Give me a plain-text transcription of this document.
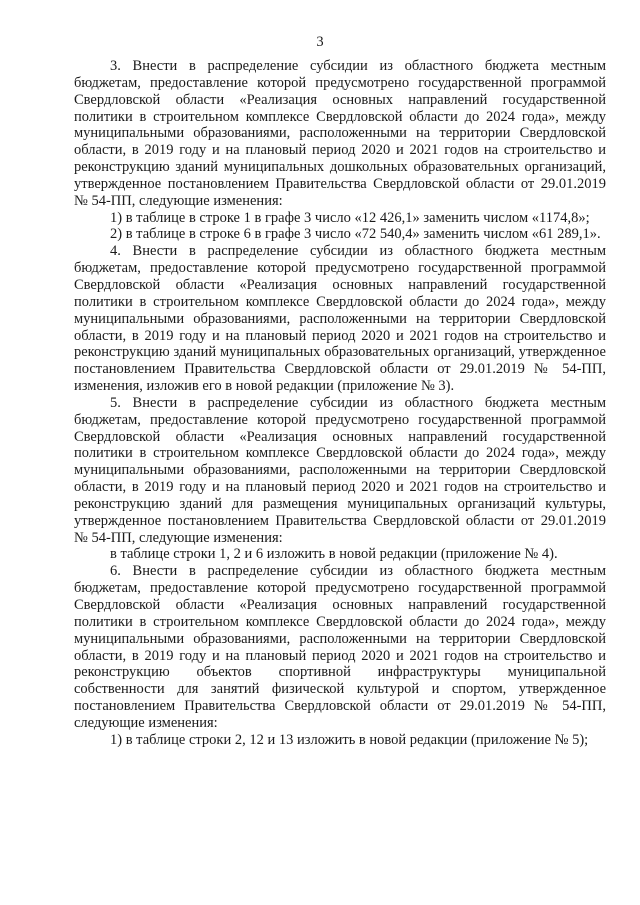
3

3. Внести в распределение субсидии из областного бюджета местным бюджетам, предоставление которой предусмотрено государственной программой Свердловской области «Реализация основных направлений государственной политики в строительном комплексе Свердловской области до 2024 года», между муниципальными образованиями, расположенными на территории Свердловской области, в 2019 году и на плановый период 2020 и 2021 годов на строительство и реконструкцию зданий муниципальных дошкольных образовательных организаций, утвержденное постановлением Правительства Свердловской области от 29.01.2019 № 54-ПП, следующие изменения:

1) в таблице в строке 1 в графе 3 число «12 426,1» заменить числом «1174,8»;

2) в таблице в строке 6 в графе 3 число «72 540,4» заменить числом «61 289,1».

4. Внести в распределение субсидии из областного бюджета местным бюджетам, предоставление которой предусмотрено государственной программой Свердловской области «Реализация основных направлений государственной политики в строительном комплексе Свердловской области до 2024 года», между муниципальными образованиями, расположенными на территории Свердловской области, в 2019 году и на плановый период 2020 и 2021 годов на строительство и реконструкцию зданий муниципальных образовательных организаций, утвержденное постановлением Правительства Свердловской области от 29.01.2019 № 54-ПП, изменения, изложив его в новой редакции (приложение № 3).

5. Внести в распределение субсидии из областного бюджета местным бюджетам, предоставление которой предусмотрено государственной программой Свердловской области «Реализация основных направлений государственной политики в строительном комплексе Свердловской области до 2024 года», между муниципальными образованиями, расположенными на территории Свердловской области, в 2019 году и на плановый период 2020 и 2021 годов на строительство и реконструкцию зданий для размещения муниципальных организаций культуры, утвержденное постановлением Правительства Свердловской области от 29.01.2019 № 54-ПП, следующие изменения:

в таблице строки 1, 2 и 6 изложить в новой редакции (приложение № 4).

6. Внести в распределение субсидии из областного бюджета местным бюджетам, предоставление которой предусмотрено государственной программой Свердловской области «Реализация основных направлений государственной политики в строительном комплексе Свердловской области до 2024 года», между муниципальными образованиями, расположенными на территории Свердловской области, в 2019 году и на плановый период 2020 и 2021 годов на строительство и реконструкцию объектов спортивной инфраструктуры муниципальной собственности для занятий физической культурой и спортом, утвержденное постановлением Правительства Свердловской области от 29.01.2019 № 54-ПП, следующие изменения:

1) в таблице строки 2, 12 и 13 изложить в новой редакции (приложение № 5);
